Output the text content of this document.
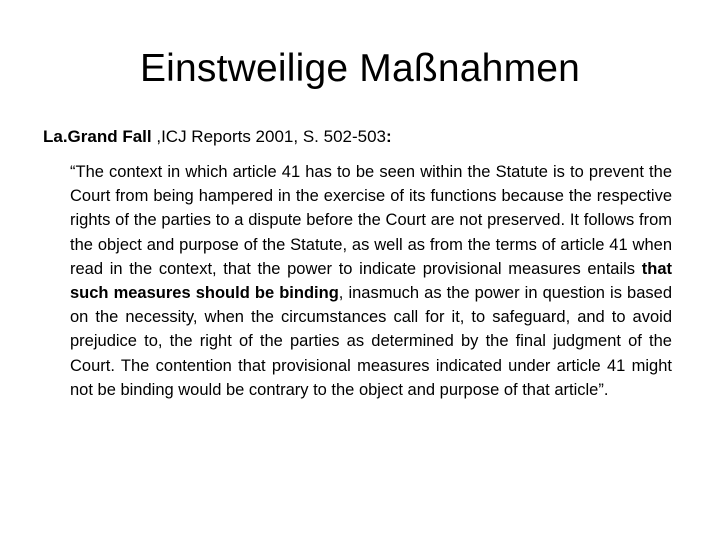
Einstweilige Maßnahmen
La.Grand Fall ,ICJ Reports 2001, S. 502-503:
“The context in which article 41 has to be seen within the Statute is to prevent the Court from being hampered in the exercise of its functions because the respective rights of the parties to a dispute before the Court are not preserved. It follows from the object and purpose of the Statute, as well as from the terms of article 41 when read in the context, that the power to indicate provisional measures entails that such measures should be binding, inasmuch as the power in question is based on the necessity, when the circumstances call for it, to safeguard, and to avoid prejudice to, the right of the parties as determined by the final judgment of the Court. The contention that provisional measures indicated under article 41 might not be binding would be contrary to the object and purpose of that article”.
